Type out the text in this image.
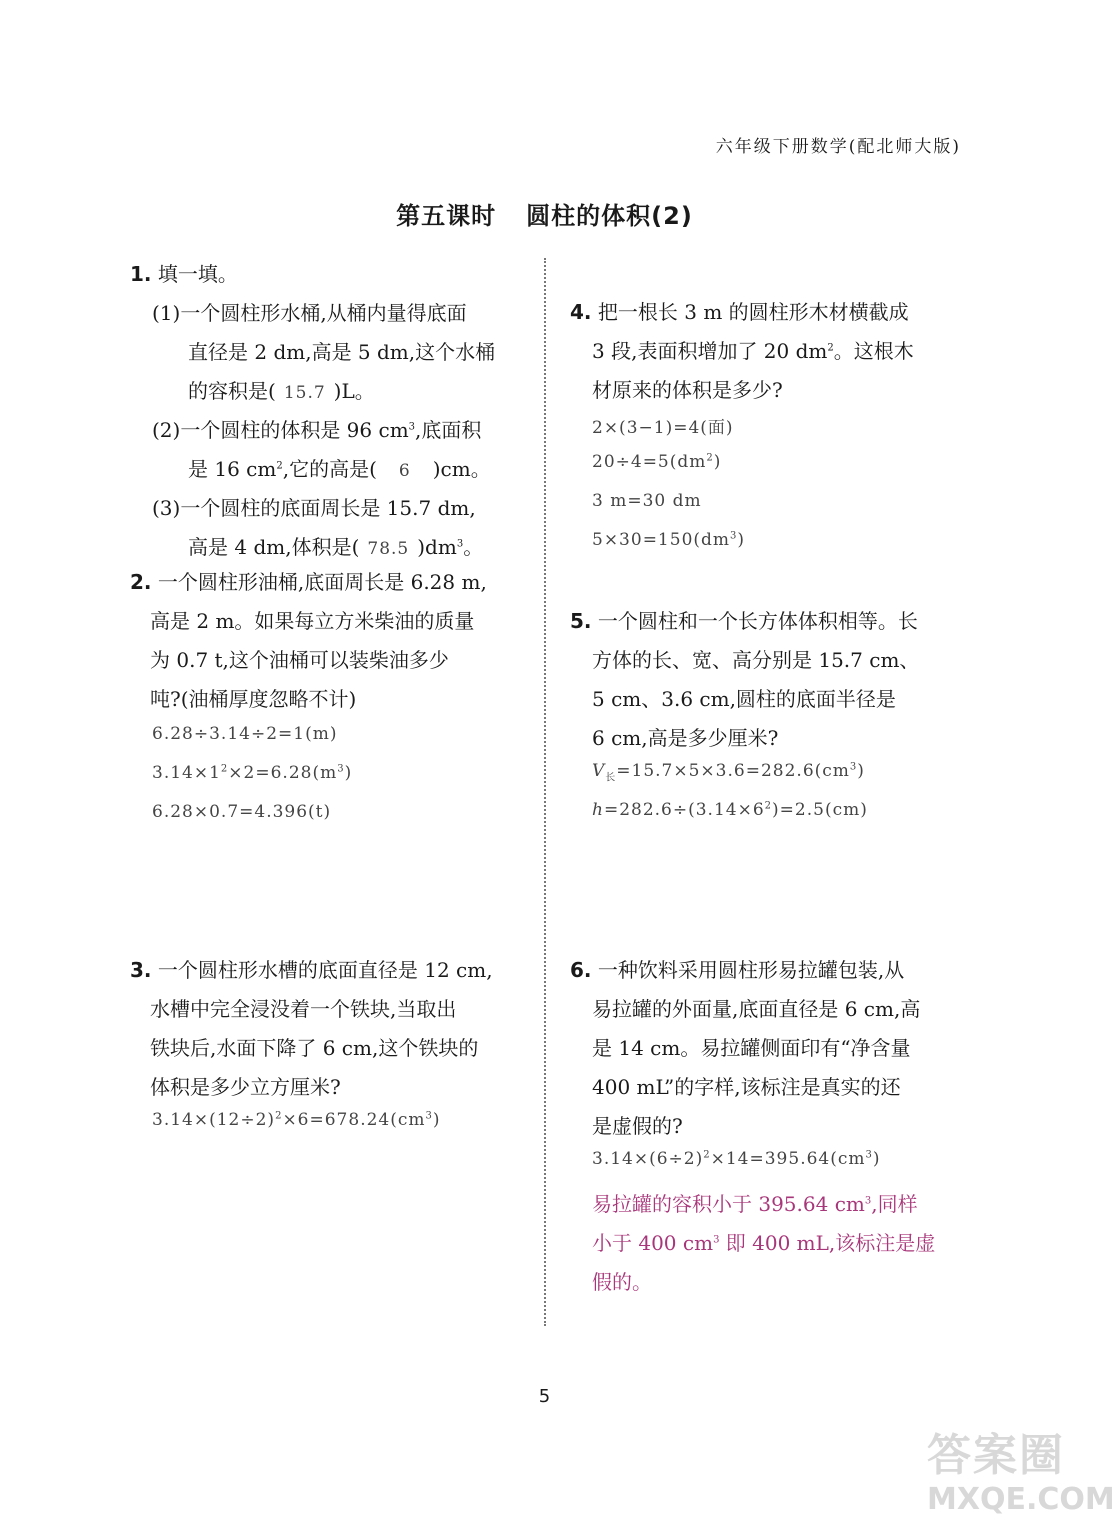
六年级下册数学(配北师大版)
第五课时 圆柱的体积(2)
1. 填一填。
(1)一个圆柱形水桶,从桶内量得底面
直径是 2 dm,高是 5 dm,这个水桶
的容积是( 15.7 )L。
(2)一个圆柱的体积是 96 $cm^3$,底面积
是 16 $cm^2$,它的高是( 6 )cm。
(3)一个圆柱的底面周长是 15.7 dm,
高是 4 dm,体积是( 78.5 )$dm^3$。
2. 一个圆柱形油桶,底面周长是 6.28 m,
高是 2 m。如果每立方米柴油的质量
为 0.7 t,这个油桶可以装柴油多少
吨?(油桶厚度忽略不计)
6.28÷3.14÷2=1(m)
$3.14\times 1^2\times 2=6.28(m^3)$
6.28×0.7=4.396(t)
3. 一个圆柱形水槽的底面直径是 12 cm,
水槽中完全浸没着一个铁块,当取出
铁块后,水面下降了 6 cm,这个铁块的
体积是多少立方厘米?
$3.14\times(12\div 2)^2\times 6=678.24(cm^3)$
4. 把一根长 3 m 的圆柱形木材横截成
3 段,表面积增加了 20 $dm^2$。这根木
材原来的体积是多少?
2×(3−1)=4(面)
$20\div 4=5(dm^2)$
3 m=30 dm
$5\times 30=150(dm^3)$
5. 一个圆柱和一个长方体体积相等。长
方体的长、宽、高分别是 15.7 cm、
5 cm、3.6 cm,圆柱的底面半径是
6 cm,高是多少厘米?
$V_长=15.7\times 5\times 3.6=282.6(cm^3)$
$h=282.6\div(3.14\times 6^2)=2.5(cm)$
6. 一种饮料采用圆柱形易拉罐包装,从
易拉罐的外面量,底面直径是 6 cm,高
是 14 cm。易拉罐侧面印有“净含量
400 mL”的字样,该标注是真实的还
是虚假的?
$3.14\times(6\div 2)^2\times 14=395.64(cm^3)$
易拉罐的容积小于 395.64 $cm^3$,同样
小于 400 $cm^3$ 即 400 mL,该标注是虚
假的。
5
答案圈
MXQE.COM
